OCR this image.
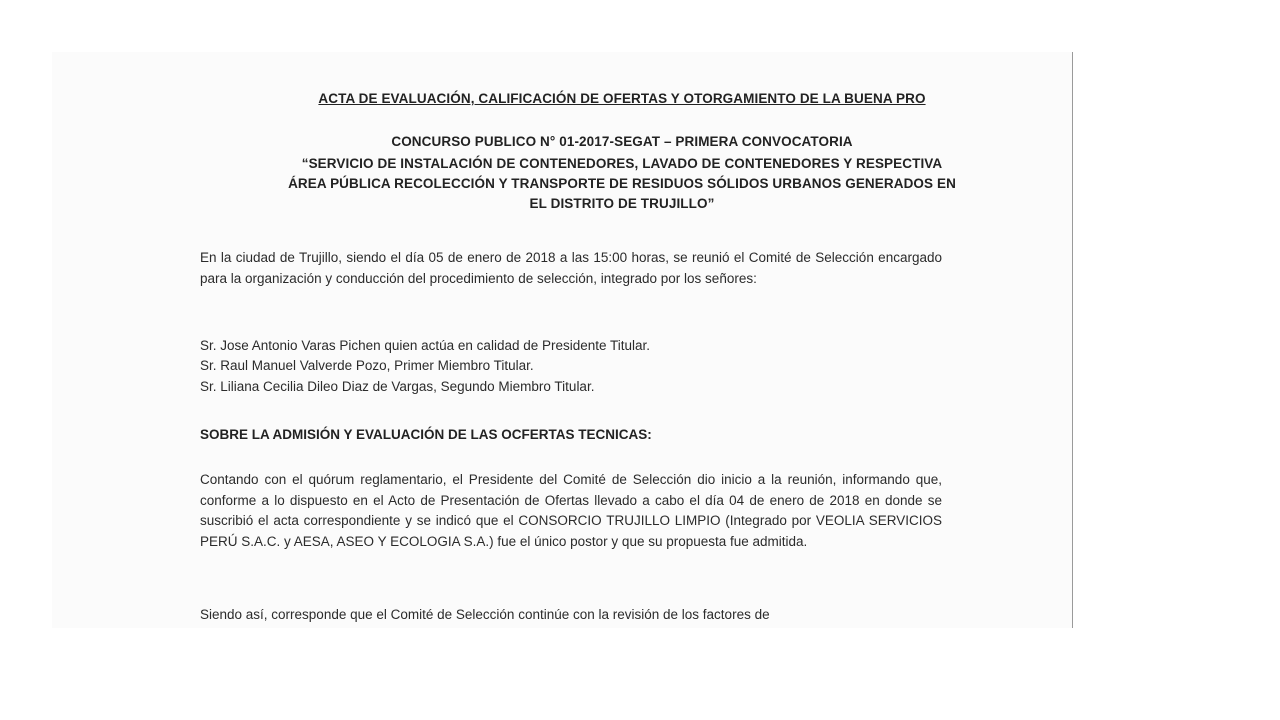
ACTA DE EVALUACIÓN, CALIFICACIÓN DE OFERTAS Y OTORGAMIENTO DE LA BUENA PRO
CONCURSO PUBLICO N° 01-2017-SEGAT – PRIMERA CONVOCATORIA
“SERVICIO DE INSTALACIÓN DE CONTENEDORES, LAVADO DE CONTENEDORES Y RESPECTIVA
ÁREA PÚBLICA RECOLECCIÓN Y TRANSPORTE DE RESIDUOS SÓLIDOS URBANOS GENERADOS EN
EL DISTRITO DE TRUJILLO”
En la ciudad de Trujillo, siendo el día 05 de enero de 2018 a las 15:00 horas, se reunió el Comité de Selección encargado para la organización y conducción del procedimiento de selección, integrado por los señores:
Sr. Jose Antonio Varas Pichen quien actúa en calidad de Presidente Titular.
Sr. Raul Manuel Valverde Pozo, Primer Miembro Titular.
Sr. Liliana Cecilia Dileo Diaz de Vargas, Segundo Miembro Titular.
SOBRE LA ADMISIÓN Y EVALUACIÓN DE LAS OCFERTAS TECNICAS:
Contando con el quórum reglamentario, el Presidente del Comité de Selección dio inicio a la reunión, informando que, conforme a lo dispuesto en el Acto de Presentación de Ofertas llevado a cabo el día 04 de enero de 2018 en donde se suscribió el acta correspondiente y se indicó que el CONSORCIO TRUJILLO LIMPIO (Integrado por VEOLIA SERVICIOS PERÚ S.A.C. y AESA, ASEO Y ECOLOGIA S.A.) fue el único postor y que su propuesta fue admitida.
Siendo así, corresponde que el Comité de Selección continúe con la revisión de los factores de
